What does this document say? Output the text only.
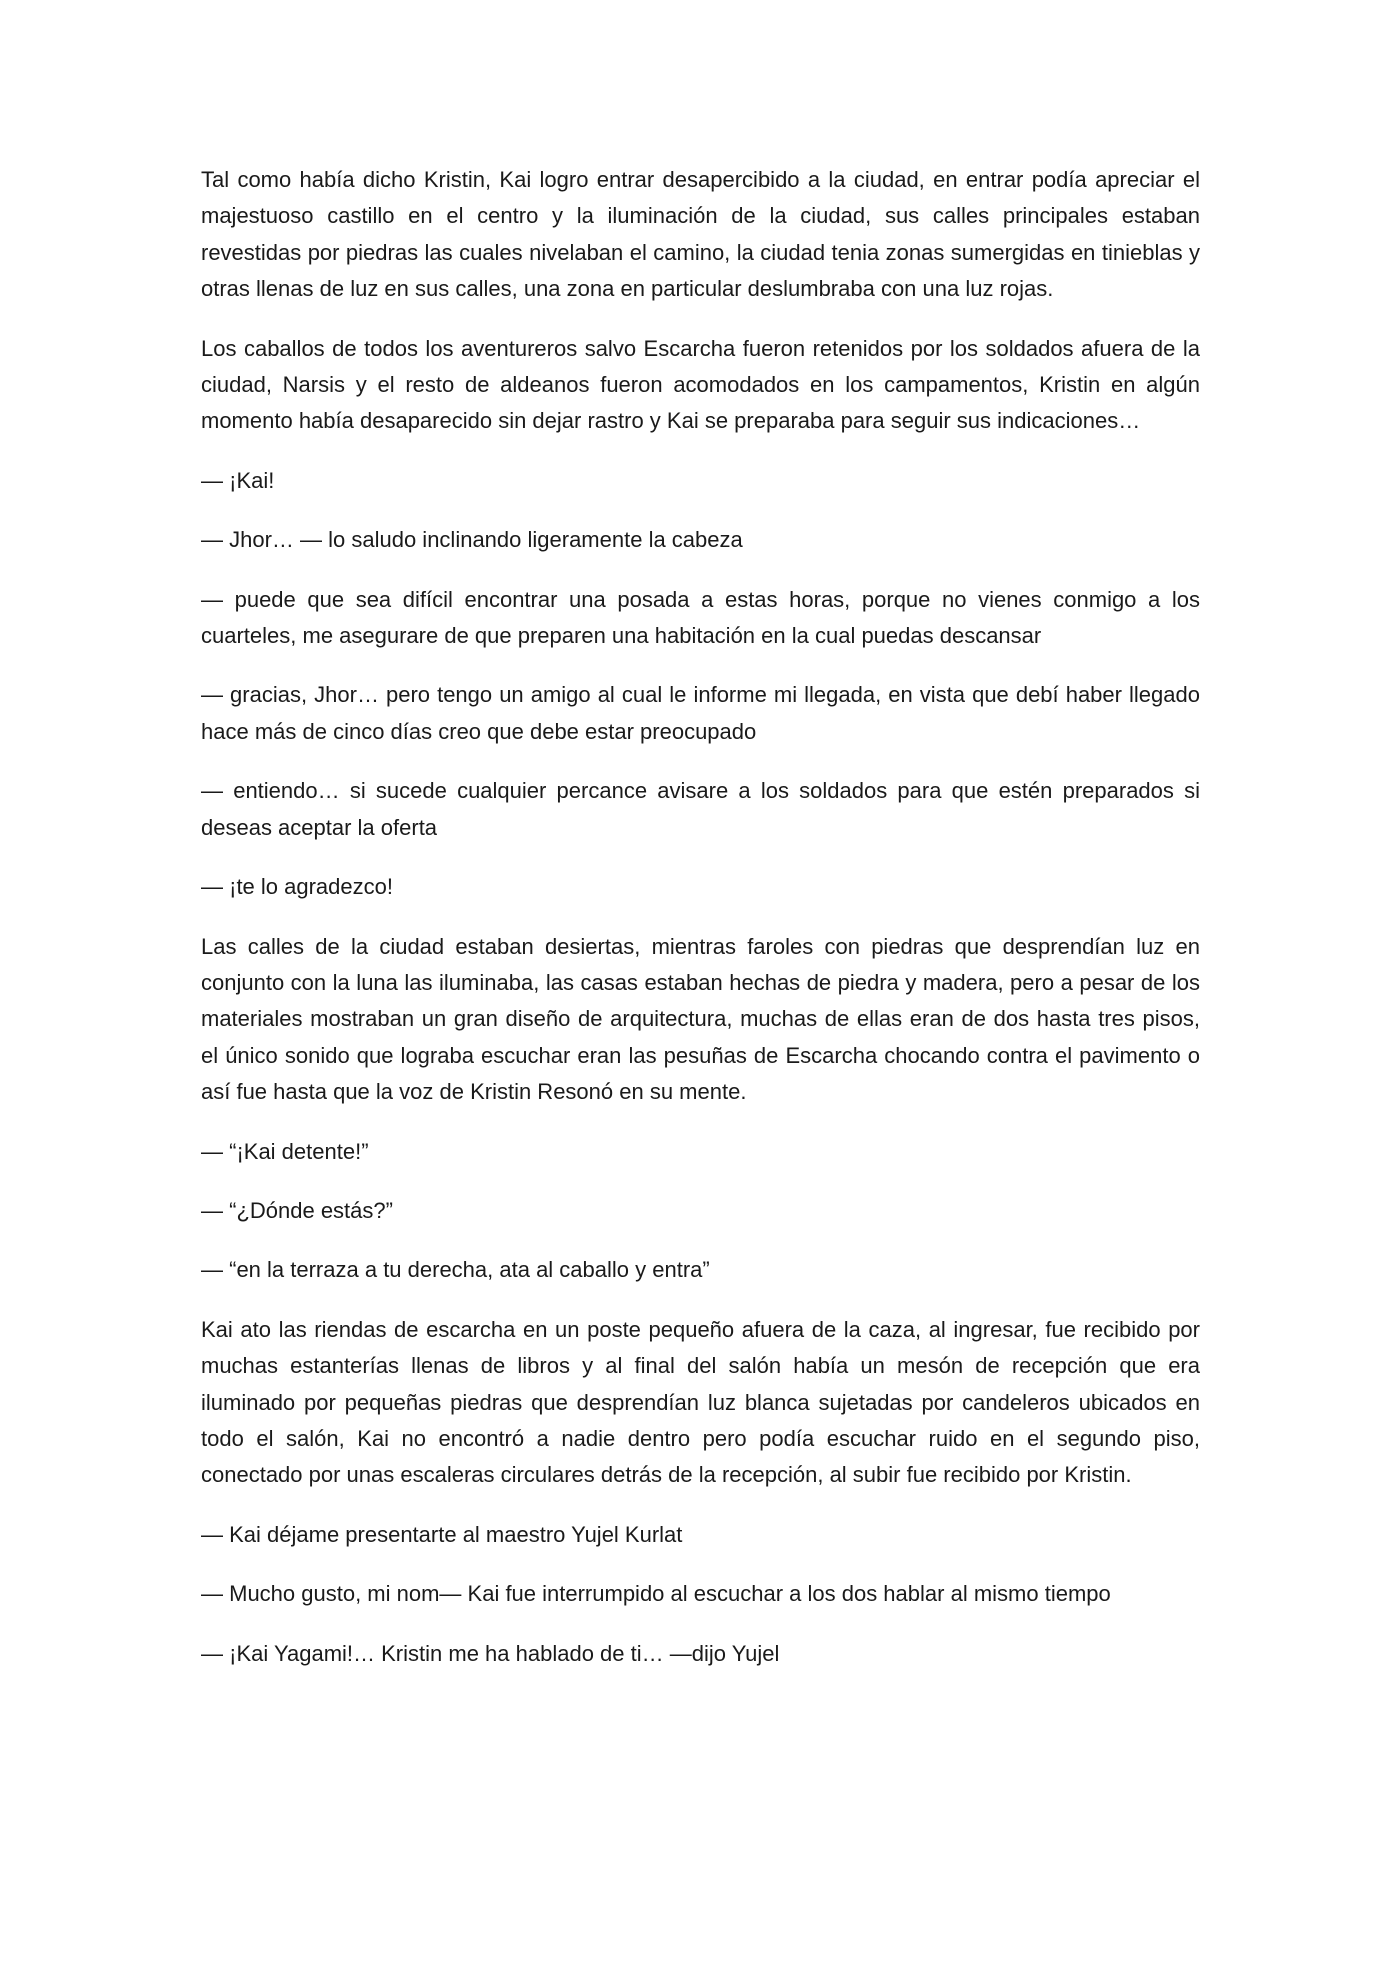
Tal como había dicho Kristin, Kai logro entrar desapercibido a la ciudad, en entrar podía apreciar el majestuoso castillo en el centro y la iluminación de la ciudad, sus calles principales estaban revestidas por piedras las cuales nivelaban el camino, la ciudad tenia zonas sumergidas en tinieblas y otras llenas de luz en sus calles, una zona en particular deslumbraba con una luz rojas.

Los caballos de todos los aventureros salvo Escarcha fueron retenidos por los soldados afuera de la ciudad, Narsis y el resto de aldeanos fueron acomodados en los campamentos, Kristin en algún momento había desaparecido sin dejar rastro y Kai se preparaba para seguir sus indicaciones…

— ¡Kai!

— Jhor… — lo saludo inclinando ligeramente la cabeza

— puede que sea difícil encontrar una posada a estas horas, porque no vienes conmigo a los cuarteles, me asegurare de que preparen una habitación en la cual puedas descansar

— gracias, Jhor… pero tengo un amigo al cual le informe mi llegada, en vista que debí haber llegado hace más de cinco días creo que debe estar preocupado

— entiendo… si sucede cualquier percance avisare a los soldados para que estén preparados si deseas aceptar la oferta

— ¡te lo agradezco!

Las calles de la ciudad estaban desiertas, mientras faroles con piedras que desprendían luz en conjunto con la luna las iluminaba, las casas estaban hechas de piedra y madera, pero a pesar de los materiales mostraban un gran diseño de arquitectura, muchas de ellas eran de dos hasta tres pisos, el único sonido que lograba escuchar eran las pesuñas de Escarcha chocando contra el pavimento o así fue hasta que la voz de Kristin Resonó en su mente.

— “¡Kai detente!”

— “¿Dónde estás?”

— “en la terraza a tu derecha, ata al caballo y entra”

Kai ato las riendas de escarcha en un poste pequeño afuera de la caza, al ingresar, fue recibido por muchas estanterías llenas de libros y al final del salón había un mesón de recepción que era iluminado por pequeñas piedras que desprendían luz blanca sujetadas por candeleros ubicados en todo el salón, Kai no encontró a nadie dentro pero podía escuchar ruido en el segundo piso, conectado por unas escaleras circulares detrás de la recepción, al subir fue recibido por Kristin.

— Kai déjame presentarte al maestro Yujel Kurlat

— Mucho gusto, mi nom— Kai fue interrumpido al escuchar a los dos hablar al mismo tiempo

— ¡Kai Yagami!… Kristin me ha hablado de ti… —dijo Yujel
